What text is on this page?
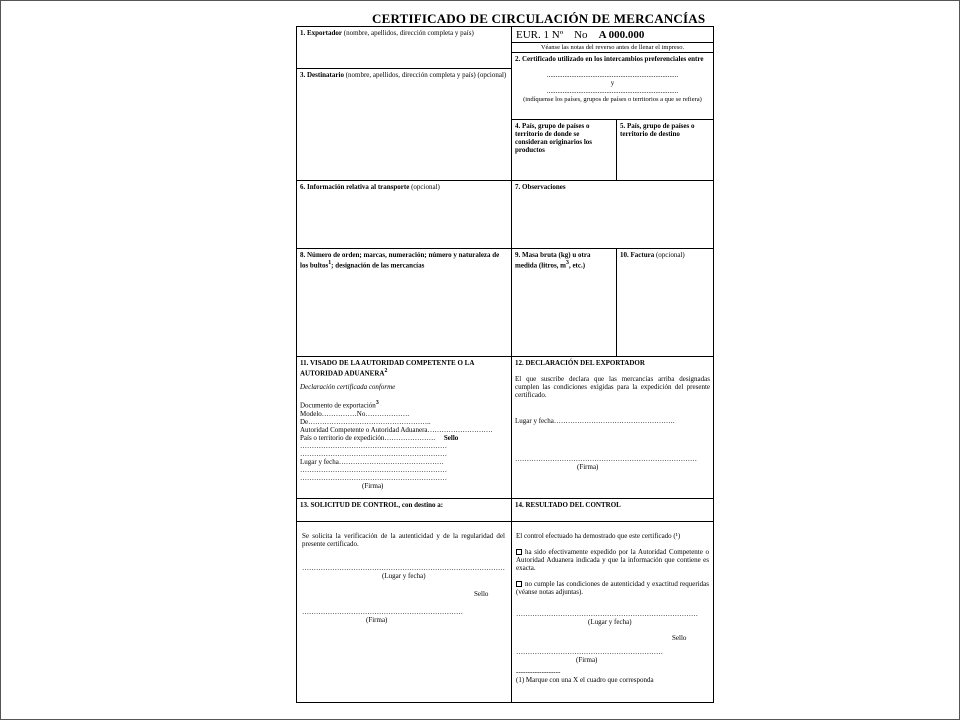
CERTIFICADO DE CIRCULACIÓN DE MERCANCÍAS
1. Exportador (nombre, apellidos, dirección completa y país)	EUR. 1 Nº No A 000.000
Véanse las notas del reverso antes de llenar el impreso.
2. Certificado utilizado en los intercambios preferenciales entre
...........................................................................
y
...........................................................................
(indíquense los países, grupos de países o territorios a que se refiera)
3. Destinatario (nombre, apellidos, dirección completa y país) (opcional)
4. País, grupo de países o territorio de donde se consideran originarios los productos
5. País, grupo de países o territorio de destino
6. Información relativa al transporte (opcional)	7. Observaciones
8. Número de orden; marcas, numeración; número y naturaleza de los bultos$^1$; designación de las mercancías
9. Masa bruta (kg) u otra medida (litros, $m^3$, etc.)
10. Factura (opcional)
11. VISADO DE LA AUTORIDAD COMPETENTE O LA AUTORIDAD ADUANERA$^2$
Declaración certificada conforme
Documento de exportación$^3$
Modelo……………No……………….
De……………………………………………..
Autoridad Competente o Autoridad Aduanera……………………….
País o territorio de expedición…………………. Sello
………………………………………………………
………………………………………………………
Lugar y fecha………………………………………
………………………………………………………
………………………………………………………
(Firma)
12. DECLARACIÓN DEL EXPORTADOR
El que suscribe declara que las mercancías arriba designadas cumplen las condiciones exigidas para la expedición del presente certificado.
Lugar y fecha…………………………………………….
……………………………………………………………………
(Firma)
13. SOLICITUD DE CONTROL, con destino a:	14. RESULTADO DEL CONTROL
Se solicita la verificación de la autenticidad y de la regularidad del presente certificado.
……………………………………………………………………………
(Lugar y fecha)
Sello
……………………………………………………………
(Firma)
El control efectuado ha demostrado que este certificado (¹)
ha sido efectivamente expedido por la Autoridad Competente o Autoridad Aduanera indicada y que la información que contiene es exacta.
no cumple las condiciones de autenticidad y exactitud requeridas (véanse notas adjuntas).
……………………………………………………………………
(Lugar y fecha)
Sello
………………………………………………………
(Firma)
-------------------
(1) Marque con una X el cuadro que corresponda
